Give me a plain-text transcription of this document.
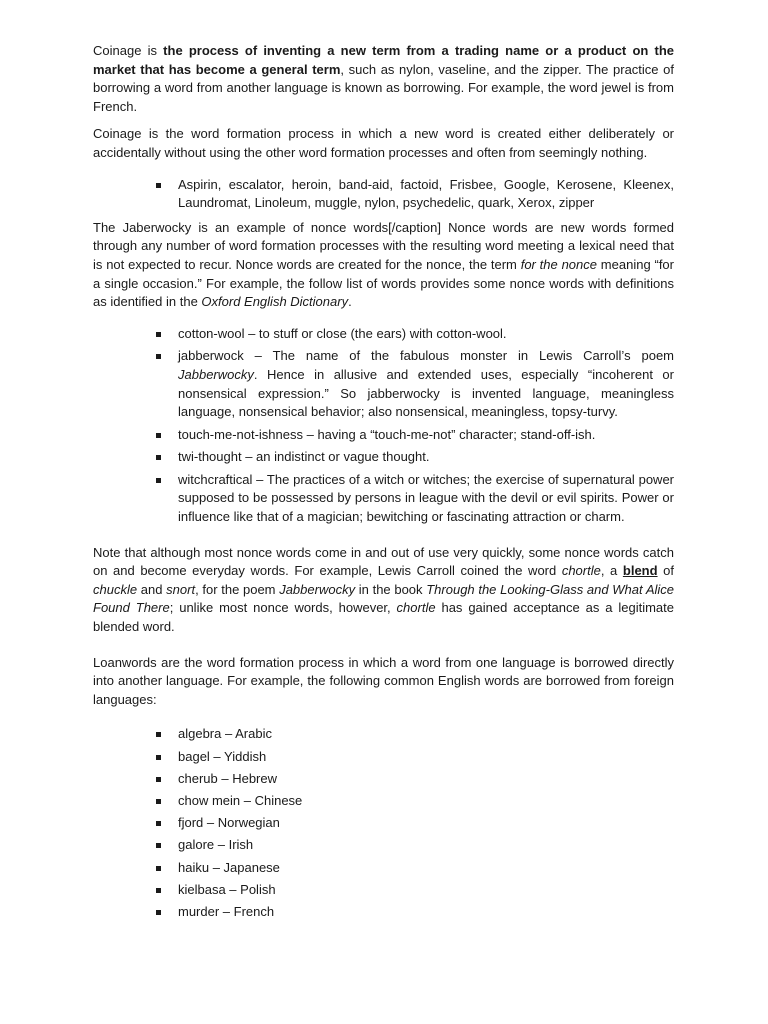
Coinage is the process of inventing a new term from a trading name or a product on the market that has become a general term, such as nylon, vaseline, and the zipper. The practice of borrowing a word from another language is known as borrowing. For example, the word jewel is from French.

Coinage is the word formation process in which a new word is created either deliberately or accidentally without using the other word formation processes and often from seemingly nothing.

Aspirin, escalator, heroin, band-aid, factoid, Frisbee, Google, Kerosene, Kleenex, Laundromat, Linoleum, muggle, nylon, psychedelic, quark, Xerox, zipper

The Jaberwocky is an example of nonce words[/caption] Nonce words are new words formed through any number of word formation processes with the resulting word meeting a lexical need that is not expected to recur. Nonce words are created for the nonce, the term for the nonce meaning “for a single occasion.” For example, the follow list of words provides some nonce words with definitions as identified in the Oxford English Dictionary.

cotton-wool – to stuff or close (the ears) with cotton-wool.
jabberwock – The name of the fabulous monster in Lewis Carroll’s poem Jabberwocky. Hence in allusive and extended uses, especially “incoherent or nonsensical expression.” So jabberwocky is invented language, meaningless language, nonsensical behavior; also nonsensical, meaningless, topsy-turvy.
touch-me-not-ishness – having a “touch-me-not” character; stand-off-ish.
twi-thought – an indistinct or vague thought.
witchcraftical – The practices of a witch or witches; the exercise of supernatural power supposed to be possessed by persons in league with the devil or evil spirits. Power or influence like that of a magician; bewitching or fascinating attraction or charm.

Note that although most nonce words come in and out of use very quickly, some nonce words catch on and become everyday words. For example, Lewis Carroll coined the word chortle, a blend of chuckle and snort, for the poem Jabberwocky in the book Through the Looking-Glass and What Alice Found There; unlike most nonce words, however, chortle has gained acceptance as a legitimate blended word.

Loanwords are the word formation process in which a word from one language is borrowed directly into another language. For example, the following common English words are borrowed from foreign languages:

algebra – Arabic
bagel – Yiddish
cherub – Hebrew
chow mein – Chinese
fjord – Norwegian
galore – Irish
haiku – Japanese
kielbasa – Polish
murder – French
